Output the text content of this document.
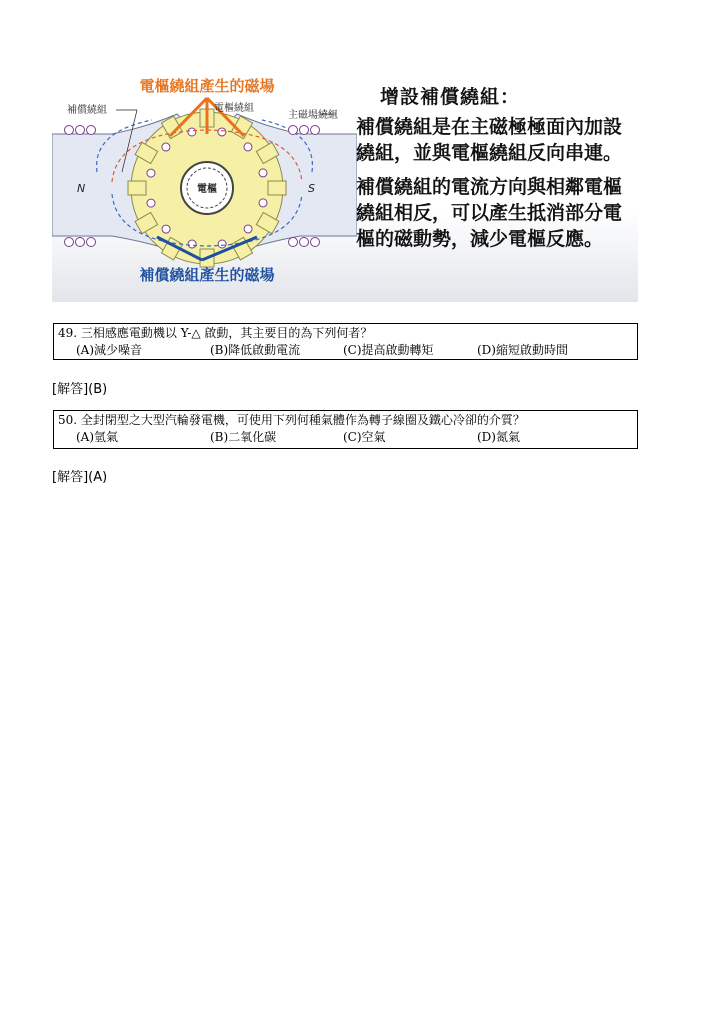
電樞繞組產生的磁場
補償繞組產生的磁場
補償繞組	電樞繞組
主磁場繞組
電樞
N	S
增設補償繞組：

補償繞組是在主磁極極面內加設繞組，並與電樞繞組反向串連。

補償繞組的電流方向與相鄰電樞繞組相反，可以產生抵消部分電樞的磁動勢，減少電樞反應。

49. 三相感應電動機以 Y-△ 啟動，其主要目的為下列何者？
(A)減少噪音	(B)降低啟動電流	(C)提高啟動轉矩	(D)縮短啟動時間
[解答](B)
50. 全封閉型之大型汽輪發電機，可使用下列何種氣體作為轉子線圈及鐵心冷卻的介質？
(A)氫氣	(B)二氧化碳	(C)空氣	(D)氮氣
[解答](A)
